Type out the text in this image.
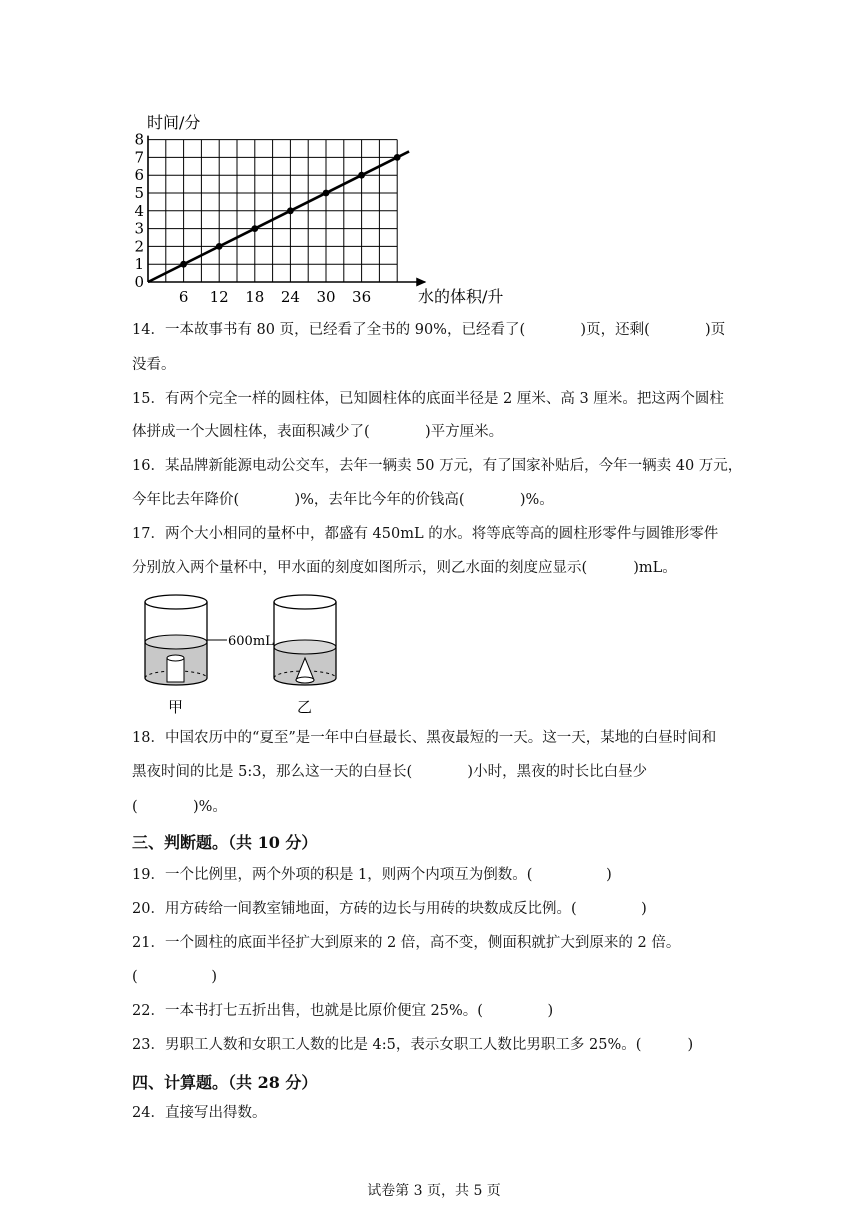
6 12 18 24 30 36
0
1
2
3
4
5
6
7
8
时间/分
水的体积/升
600mL
甲	乙
14．一本故事书有 80 页，已经看了全书的 90%，已经看了(            )页，还剩(            )页
没看。
15．有两个完全一样的圆柱体，已知圆柱体的底面半径是 2 厘米、高 3 厘米。把这两个圆柱
体拼成一个大圆柱体，表面积减少了(            )平方厘米。
16．某品牌新能源电动公交车，去年一辆卖 50 万元，有了国家补贴后，今年一辆卖 40 万元，
今年比去年降价(            )%，去年比今年的价钱高(            )%。
17．两个大小相同的量杯中，都盛有 450mL 的水。将等底等高的圆柱形零件与圆锥形零件
分别放入两个量杯中，甲水面的刻度如图所示，则乙水面的刻度应显示(          )mL。
18．中国农历中的“夏至”是一年中白昼最长、黑夜最短的一天。这一天，某地的白昼时间和
黑夜时间的比是 5:3，那么这一天的白昼长(            )小时，黑夜的时长比白昼少
(            )%。
三、判断题。（共 10 分）
19．一个比例里，两个外项的积是 1，则两个内项互为倒数。(                )
20．用方砖给一间教室铺地面，方砖的边长与用砖的块数成反比例。(              )
21．一个圆柱的底面半径扩大到原来的 2 倍，高不变，侧面积就扩大到原来的 2 倍。
(                )
22．一本书打七五折出售，也就是比原价便宜 25%。(              )
23．男职工人数和女职工人数的比是 4:5，表示女职工人数比男职工多 25%。(          )
四、计算题。（共 28 分）
24．直接写出得数。
试卷第 3 页，共 5 页
